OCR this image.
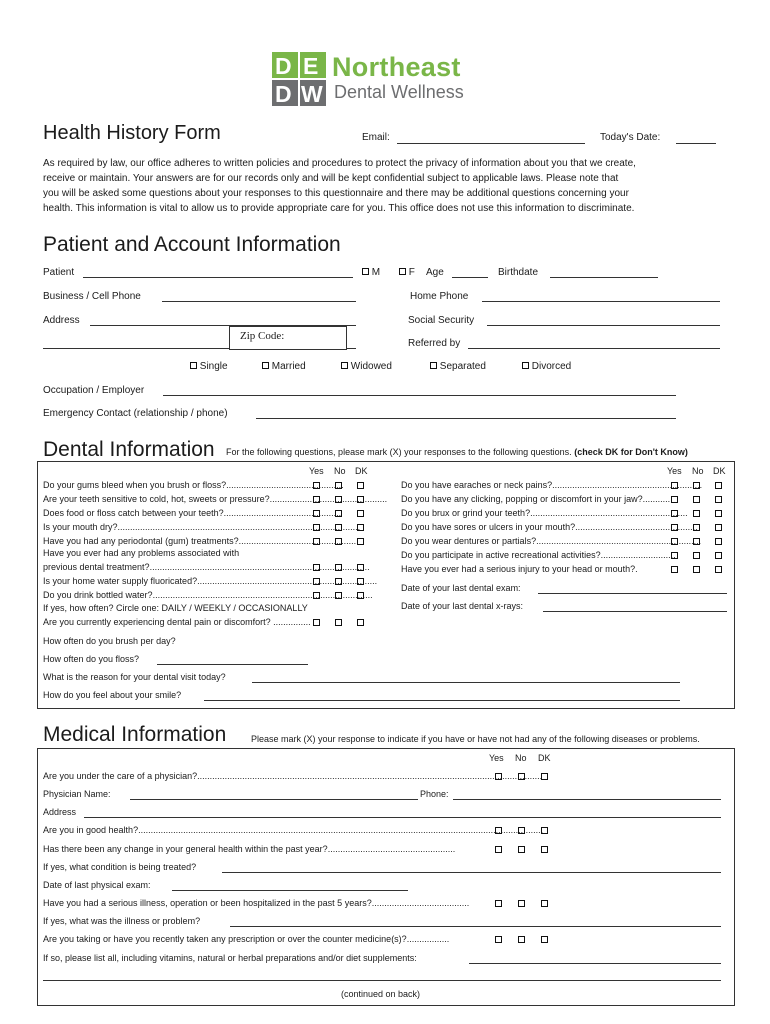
D E
D W
Northeast
Dental Wellness
Health History Form	Email:	Today's Date:
As required by law, our office adheres to written policies and procedures to protect the privacy of information about you that we create,
receive or maintain. Your answers are for our records only and will be kept confidential subject to applicable laws. Please note that
you will be asked some questions about your responses to this questionnaire and there may be additional questions concerning your
health. This information is vital to allow us to provide appropriate care for you. This office does not use this information to discriminate.
Patient and Account Information
Patient	M	F Age	Birthdate
Business / Cell Phone	Home Phone
Address	Social Security
Zip Code:
Referred by
Single	Married	Widowed	Separated	Divorced
Occupation / Employer
Emergency Contact (relationship / phone)
Dental Information For the following questions, please mark (X) your responses to the following questions. (check DK for Don't Know)
Yes No DK	Yes No DK
Do your gums bleed when you brush or floss?...............................................
Are your teeth sensitive to cold, hot, sweets or pressure?...............................................
Does food or floss catch between your teeth?...............................................
Is your mouth dry?.................................................................................................
Have you had any periodontal (gum) treatments?...............................................
Have you ever had any problems associated with
previous dental treatment?........................................................................................
Is your home water supply fluoricated?........................................................................
Do you drink bottled water?........................................................................................
If yes, how often? Circle one: DAILY / WEEKLY / OCCASIONALLY
Are you currently experiencing dental pain or discomfort? ...............
Do you have earaches or neck pains?............................................................
Do you have any clicking, popping or discomfort in your jaw?...........
Do you brux or grind your teeth?...............................................................
Do you have sores or ulcers in your mouth?.................................................
Do you wear dentures or partials?..................................................................
Do you participate in active recreational activities?..............................
Have you ever had a serious injury to your head or mouth?.
Date of your last dental exam:
Date of your last dental x-rays:
How often do you brush per day?
How often do you floss?
What is the reason for your dental visit today?
How do you feel about your smile?
Medical Information	Please mark (X) your response to indicate if you have or have not had any of the following diseases or problems.
Yes No DK
Are you under the care of a physician?..........................................................................................................................................
Physician Name:	Phone:
Address
Are you in good health?..................................................................................................................................................................
Has there been any change in your general health within the past year?...................................................
If yes, what condition is being treated?
Date of last physical exam:
Have you had a serious illness, operation or been hospitalized in the past 5 years?.......................................
If yes, what was the illness or problem?
Are you taking or have you recently taken any prescription or over the counter medicine(s)?.................
If so, please list all, including vitamins, natural or herbal preparations and/or diet supplements:
(continued on back)
